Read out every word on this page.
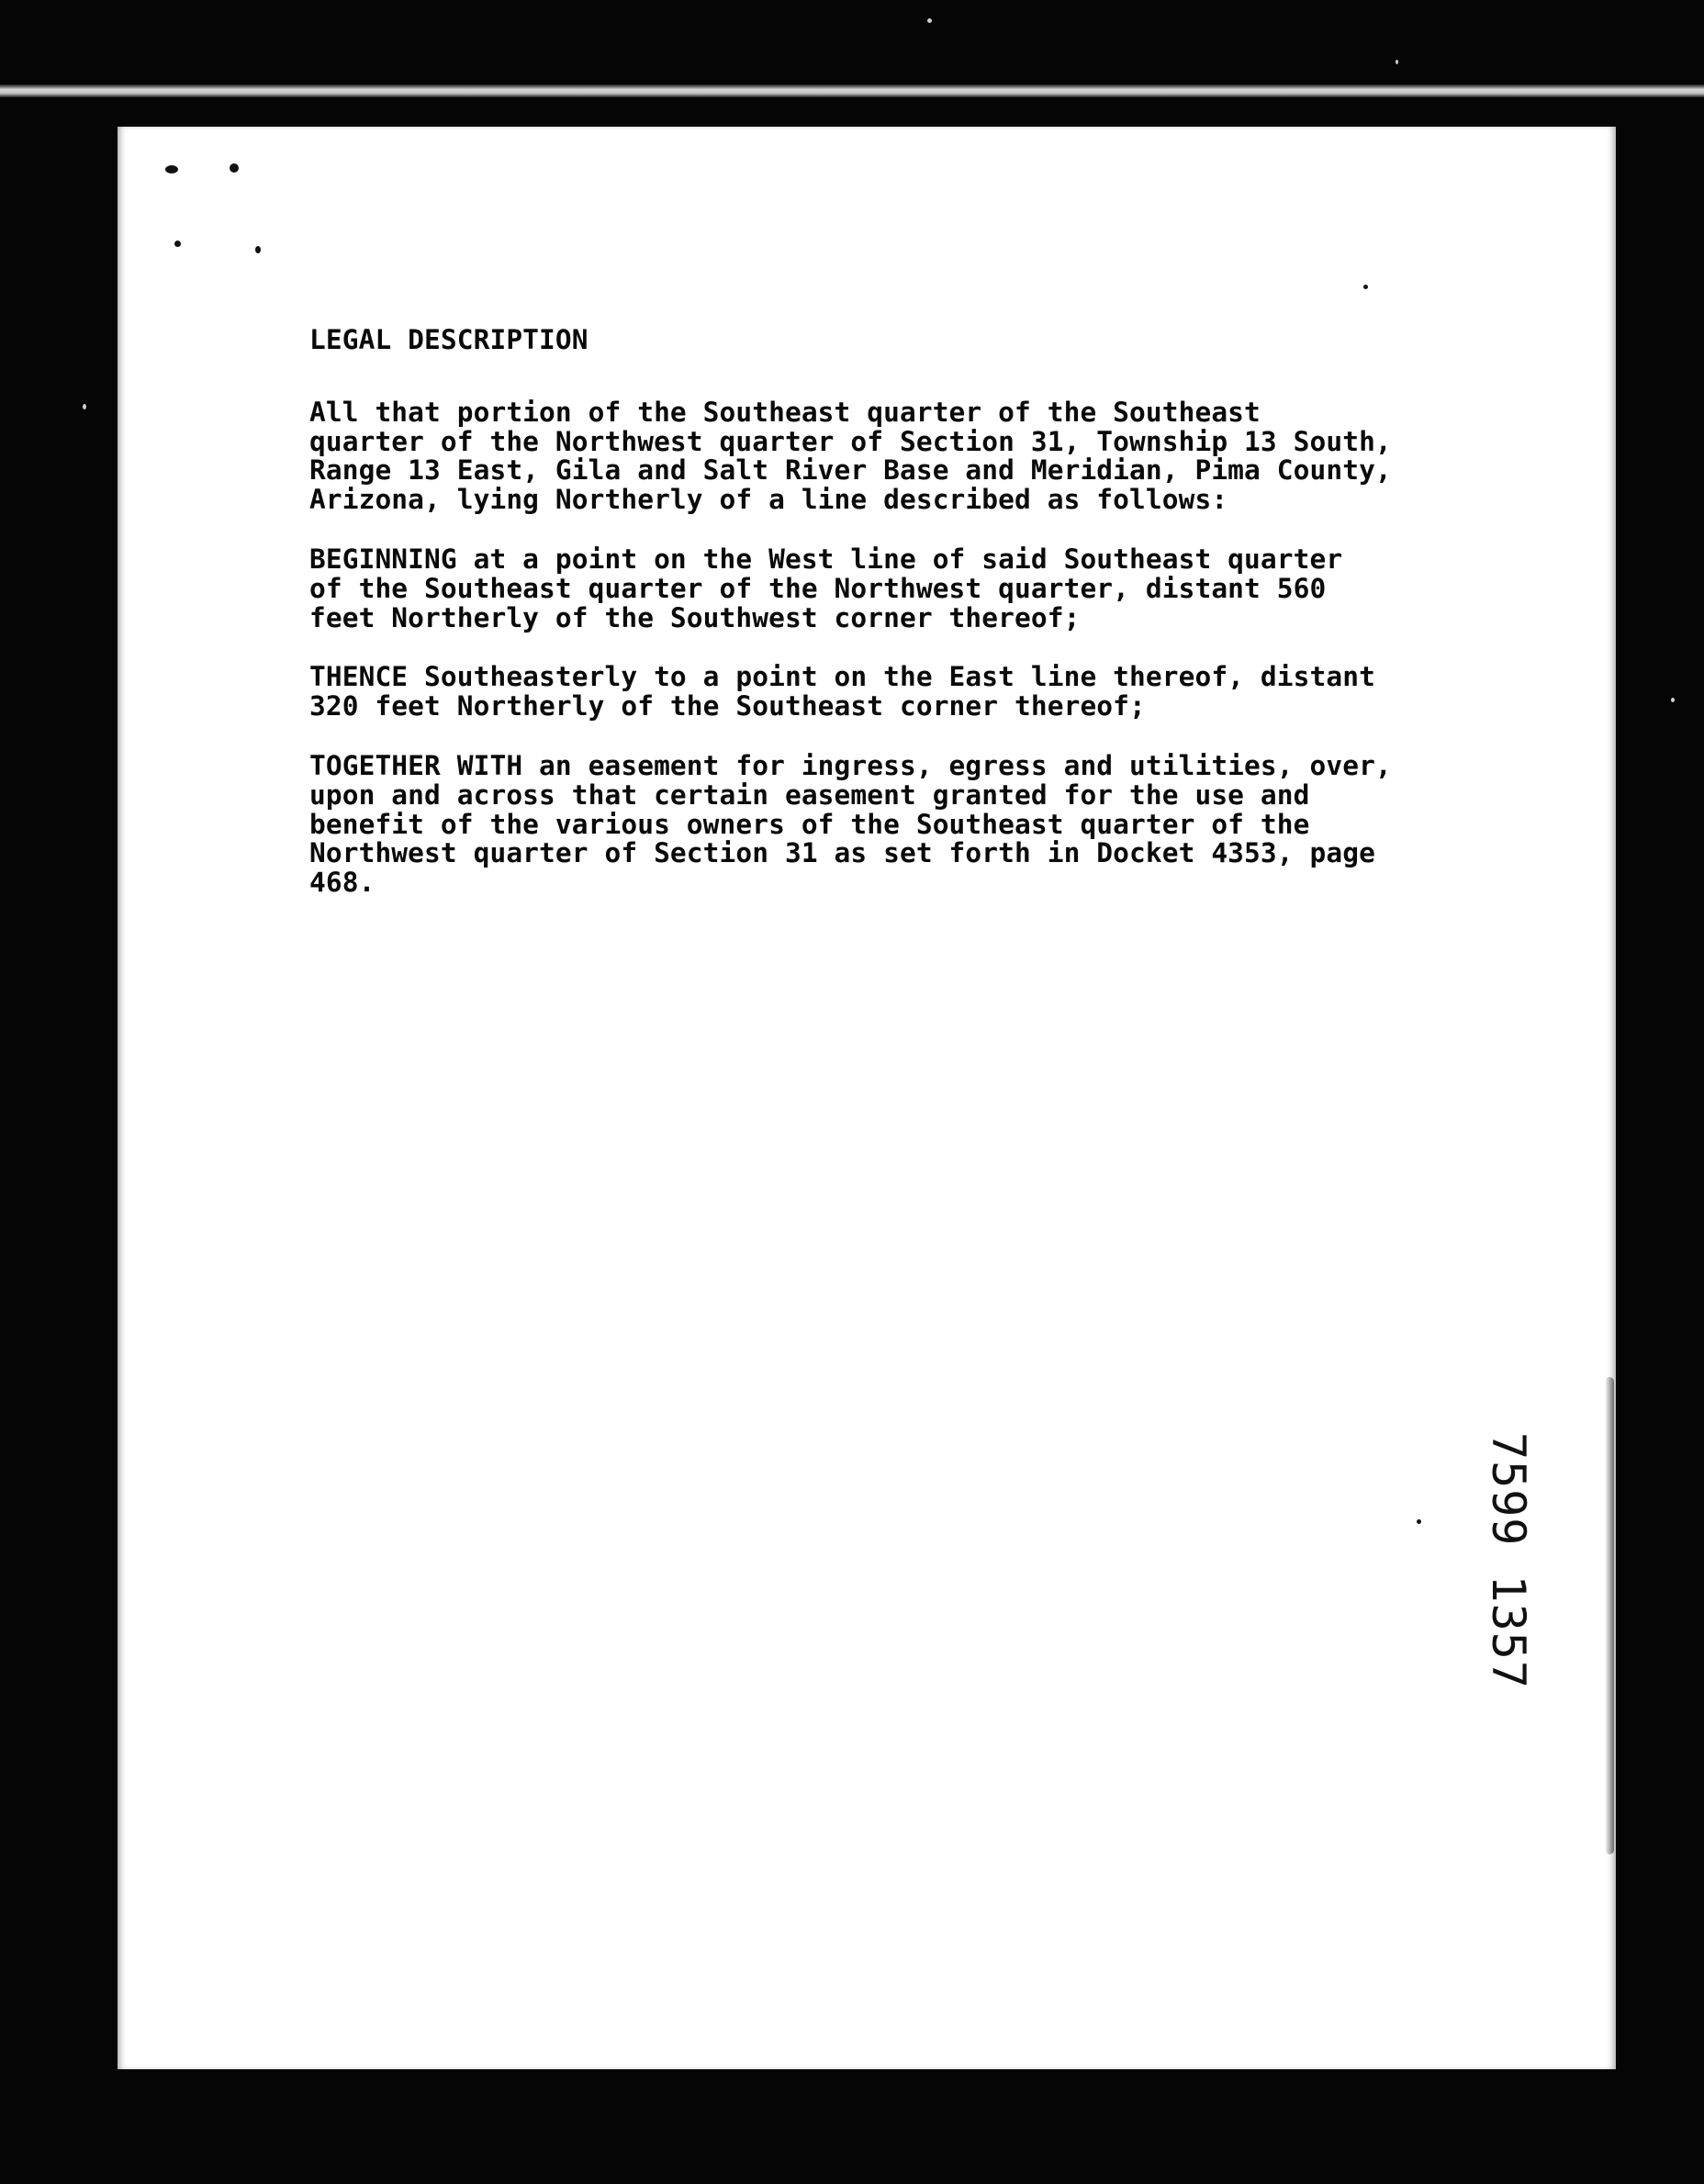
LEGAL DESCRIPTION
All that portion of the Southeast quarter of the Southeast
quarter of the Northwest quarter of Section 31, Township 13 South,
Range 13 East, Gila and Salt River Base and Meridian, Pima County,
Arizona, lying Northerly of a line described as follows:
BEGINNING at a point on the West line of said Southeast quarter
of the Southeast quarter of the Northwest quarter, distant 560
feet Northerly of the Southwest corner thereof;
THENCE Southeasterly to a point on the East line thereof, distant
320 feet Northerly of the Southeast corner thereof;
TOGETHER WITH an easement for ingress, egress and utilities, over,
upon and across that certain easement granted for the use and
benefit of the various owners of the Southeast quarter of the
Northwest quarter of Section 31 as set forth in Docket 4353, page
468.
7599 1357
